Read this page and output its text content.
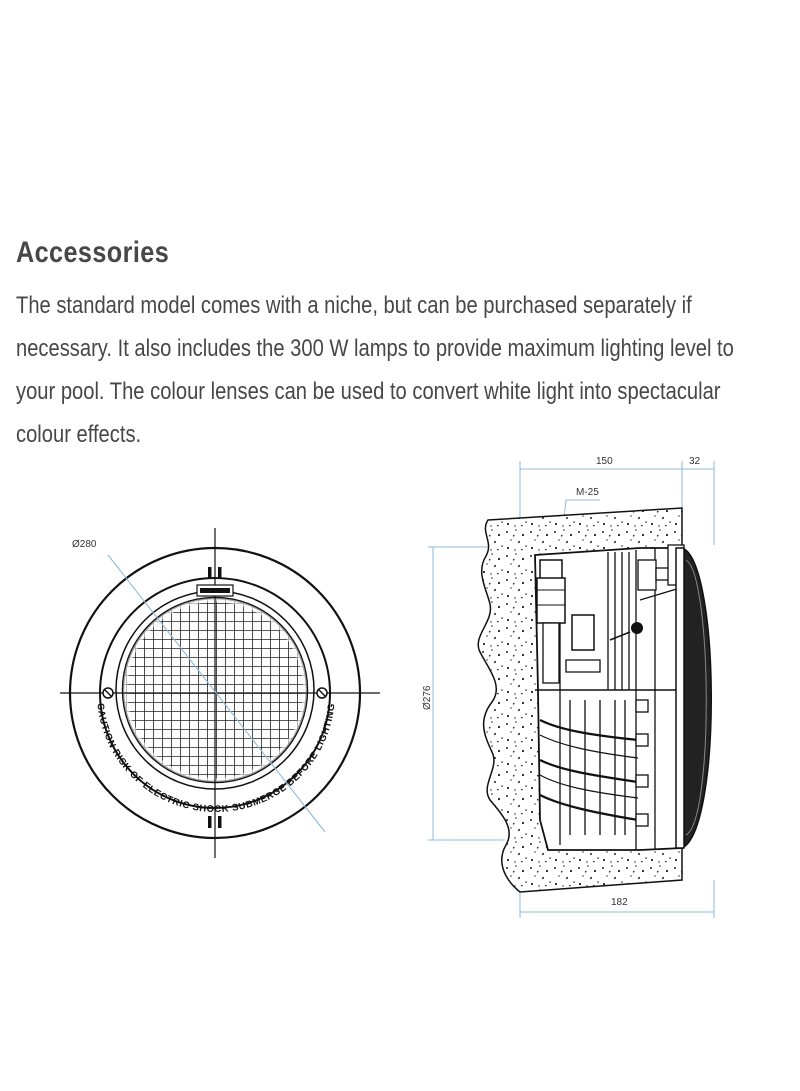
Accessories

The standard model comes with a niche, but can be purchased separately if necessary. It also includes the 300 W lamps to provide maximum lighting level to your pool. The colour lenses can be used to convert white light into spectacular colour effects.

Ø280
CAUTION RISK OF ELECTRIC SHOCK SUBMERGE BEFORE LIGHTING
150	32
M-25
Ø276
182
